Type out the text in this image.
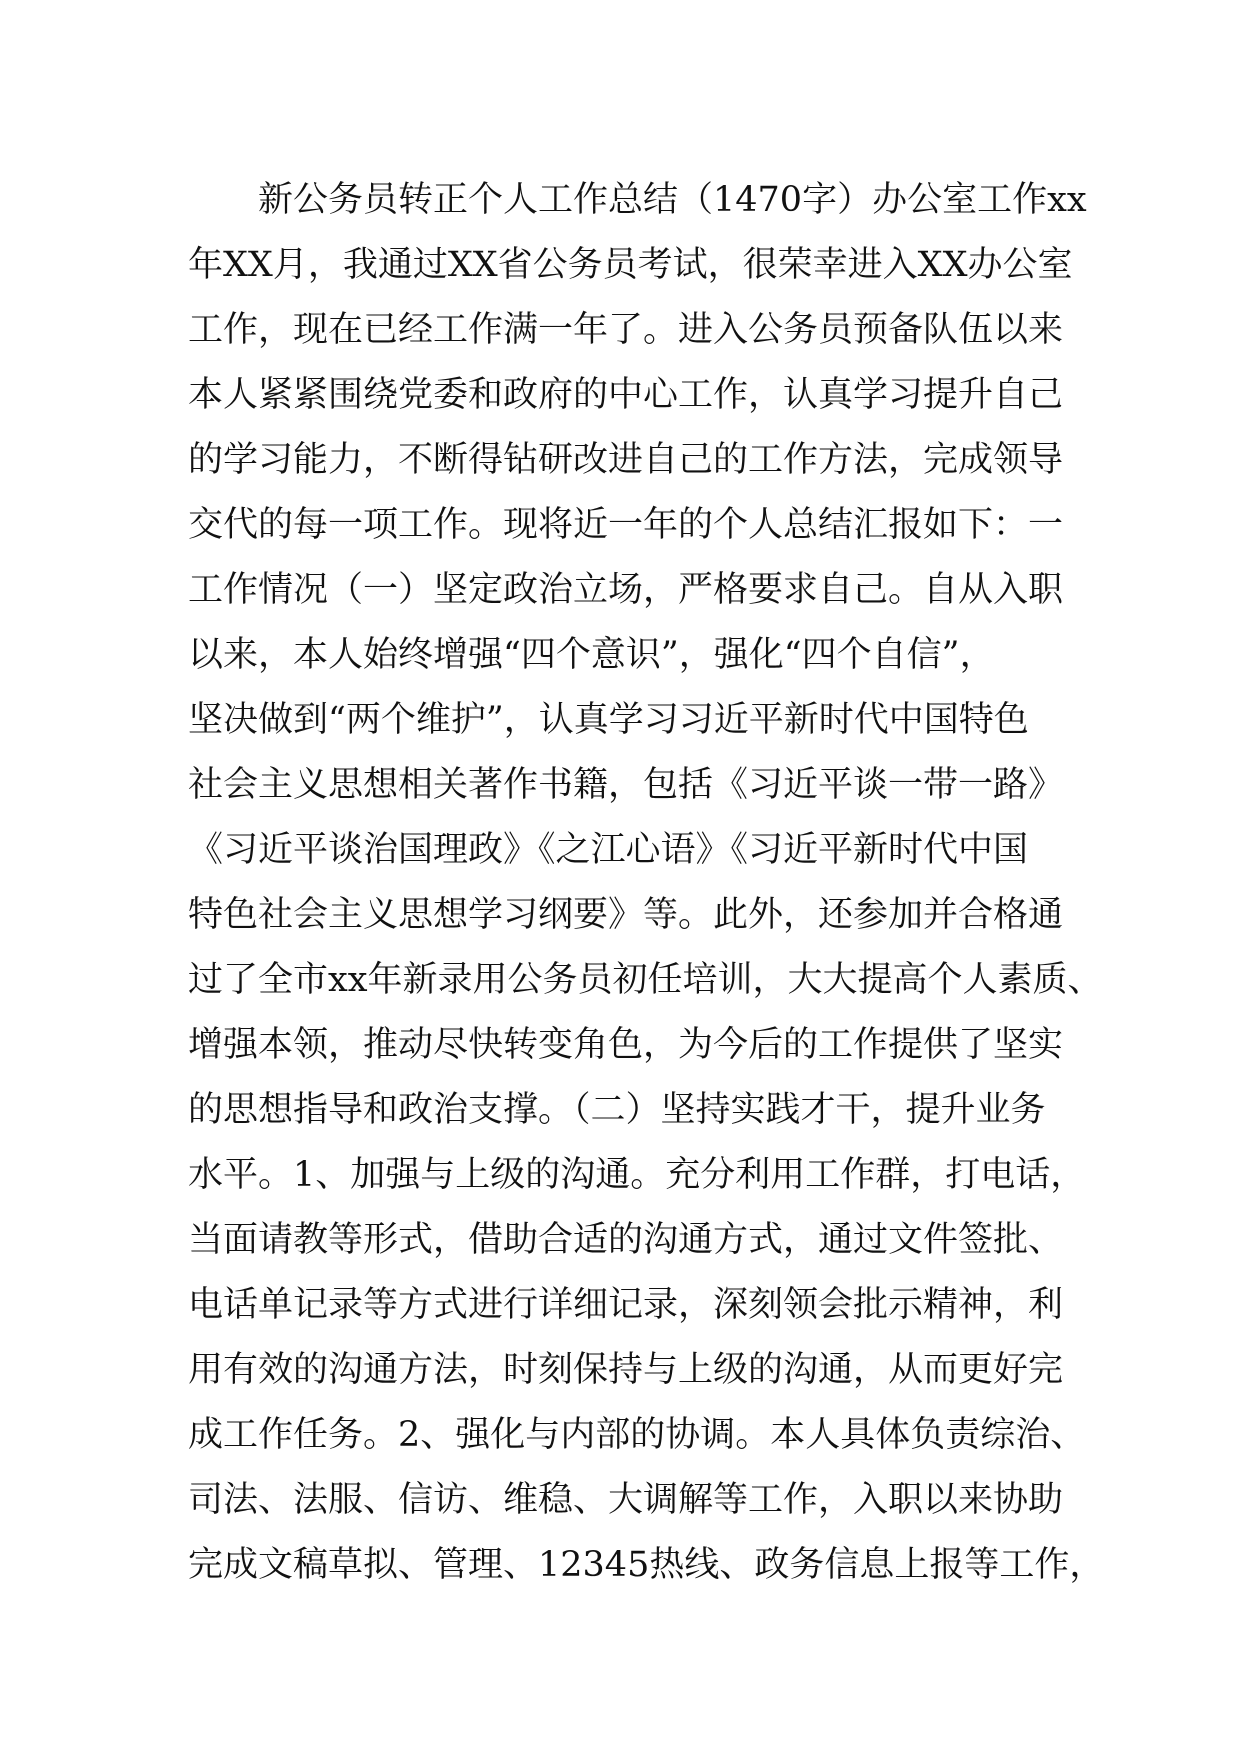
新公务员转正个人工作总结（1470字）办公室工作xx
年XX月，我通过XX省公务员考试，很荣幸进入XX办公室
工作，现在已经工作满一年了。进入公务员预备队伍以来
本人紧紧围绕党委和政府的中心工作，认真学习提升自己
的学习能力，不断得钻研改进自己的工作方法，完成领导
交代的每一项工作。现将近一年的个人总结汇报如下：一
工作情况（一）坚定政治立场，严格要求自己。自从入职
以来，本人始终增强“四个意识”，强化“四个自信”，
坚决做到“两个维护”，认真学习习近平新时代中国特色
社会主义思想相关著作书籍，包括《习近平谈一带一路》
《习近平谈治国理政》《之江心语》《习近平新时代中国
特色社会主义思想学习纲要》等。此外，还参加并合格通
过了全市xx年新录用公务员初任培训，大大提高个人素质、
增强本领，推动尽快转变角色，为今后的工作提供了坚实
的思想指导和政治支撑。（二）坚持实践才干，提升业务
水平。1、加强与上级的沟通。充分利用工作群，打电话，
当面请教等形式，借助合适的沟通方式，通过文件签批、
电话单记录等方式进行详细记录，深刻领会批示精神，利
用有效的沟通方法，时刻保持与上级的沟通，从而更好完
成工作任务。2、强化与内部的协调。本人具体负责综治、
司法、法服、信访、维稳、大调解等工作，入职以来协助
完成文稿草拟、管理、12345热线、政务信息上报等工作，
